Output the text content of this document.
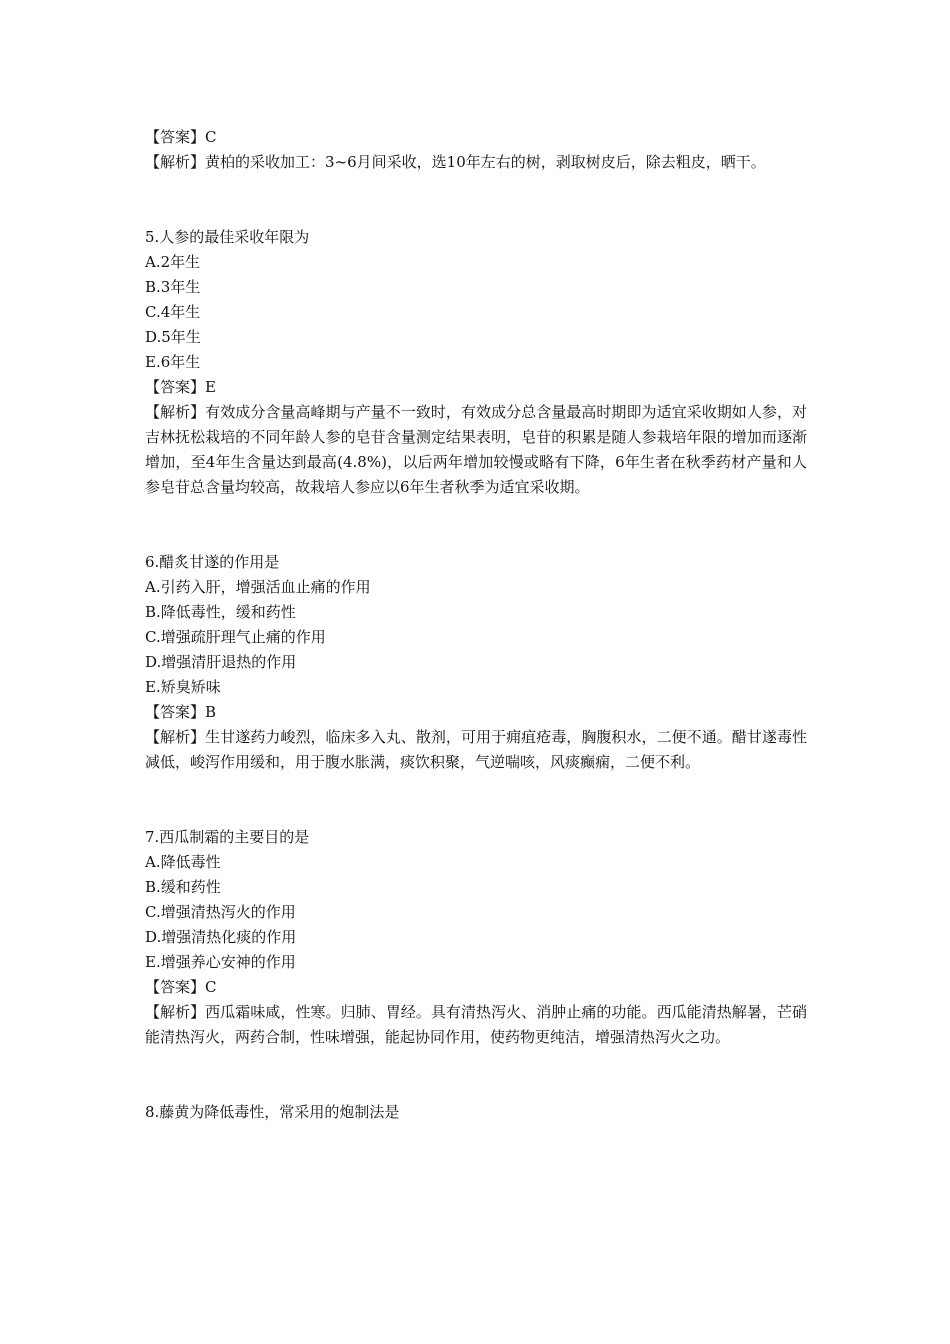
【答案】C
【解析】黄柏的采收加工：3~6月间采收，选10年左右的树，剥取树皮后，除去粗皮，晒干。
5.人参的最佳采收年限为
A.2年生
B.3年生
C.4年生
D.5年生
E.6年生
【答案】E
【解析】有效成分含量高峰期与产量不一致时，有效成分总含量最高时期即为适宜采收期如人参，对吉林抚松栽培的不同年龄人参的皂苷含量测定结果表明，皂苷的积累是随人参栽培年限的增加而逐渐增加，至4年生含量达到最高(4.8%)，以后两年增加较慢或略有下降，6年生者在秋季药材产量和人参皂苷总含量均较高，故栽培人参应以6年生者秋季为适宜采收期。
6.醋炙甘遂的作用是
A.引药入肝，增强活血止痛的作用
B.降低毒性，缓和药性
C.增强疏肝理气止痛的作用
D.增强清肝退热的作用
E.矫臭矫味
【答案】B
【解析】生甘遂药力峻烈，临床多入丸、散剂，可用于痈疽疮毒，胸腹积水，二便不通。醋甘遂毒性减低，峻泻作用缓和，用于腹水胀满，痰饮积聚，气逆喘咳，风痰癫痫，二便不利。
7.西瓜制霜的主要目的是
A.降低毒性
B.缓和药性
C.增强清热泻火的作用
D.增强清热化痰的作用
E.增强养心安神的作用
【答案】C
【解析】西瓜霜味咸，性寒。归肺、胃经。具有清热泻火、消肿止痛的功能。西瓜能清热解暑，芒硝能清热泻火，两药合制，性味增强，能起协同作用，使药物更纯洁，增强清热泻火之功。
8.藤黄为降低毒性，常采用的炮制法是
